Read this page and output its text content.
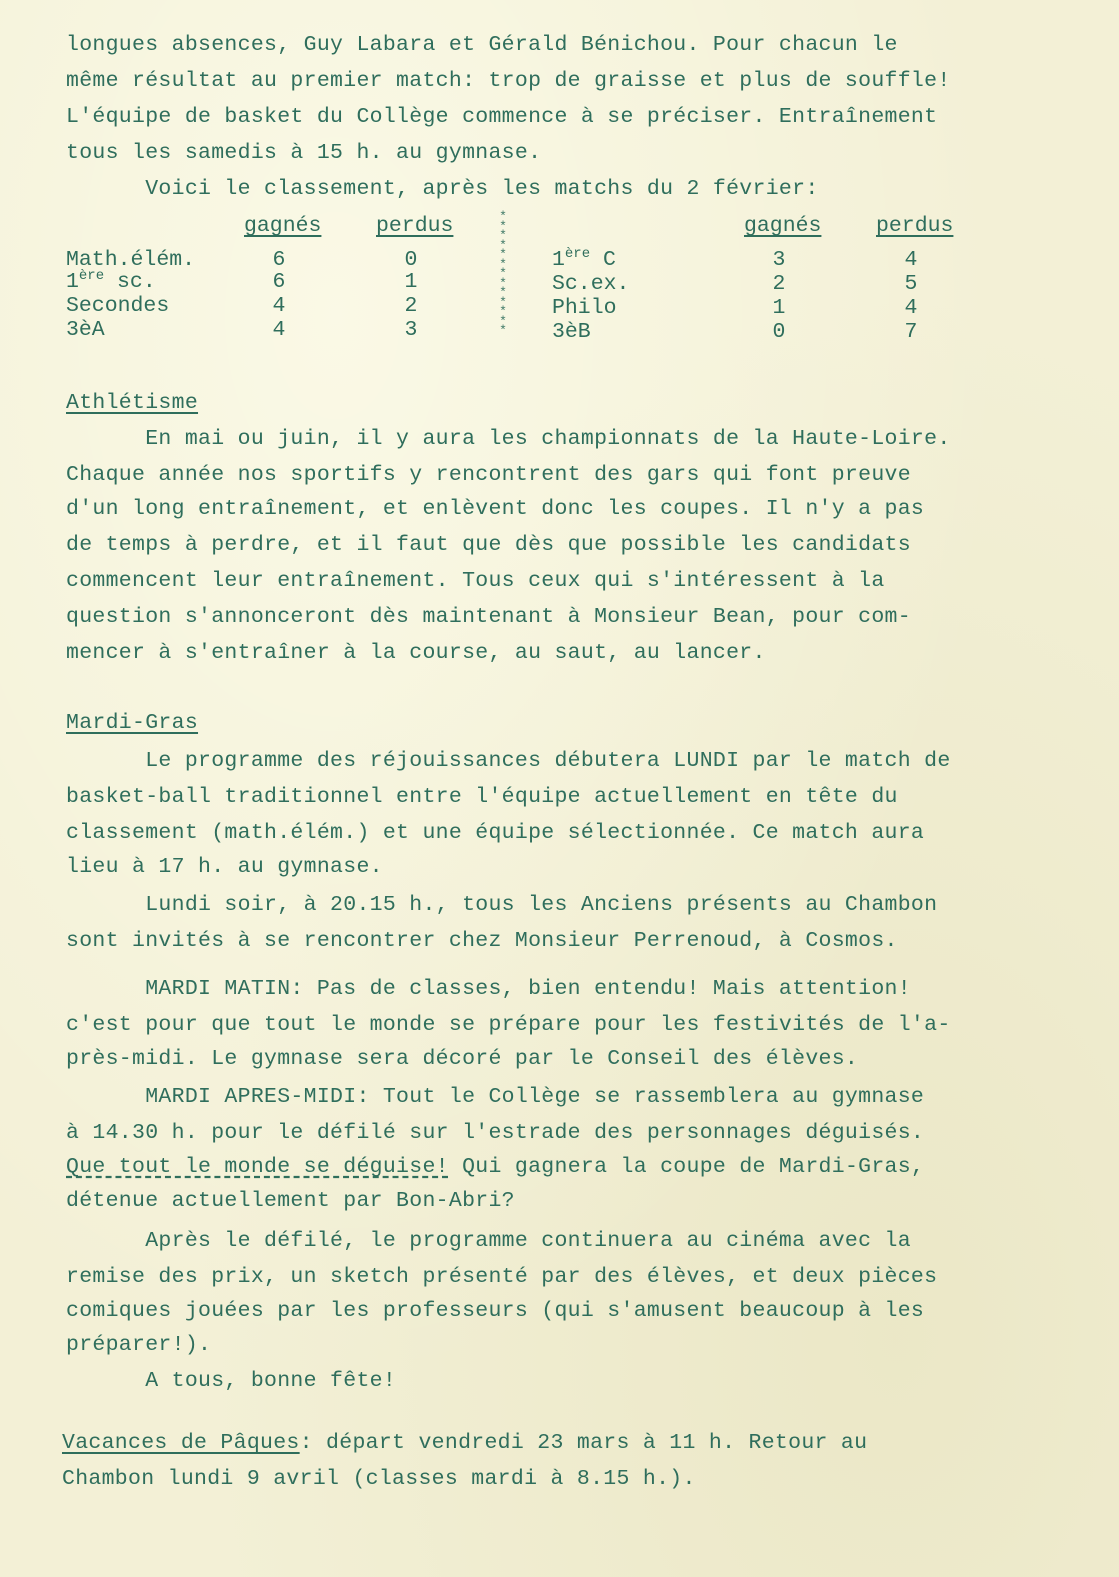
longues absences, Guy Labara et Gérald Bénichou. Pour chacun le
même résultat au premier match: trop de graisse et plus de souffle!
L'équipe de basket du Collège commence à se préciser. Entraînement
tous les samedis à 15 h. au gymnase.
Voici le classement, après les matchs du 2 février:
gagnés	perdus	gagnés	perdus
*
*
*
*
*
*
*
*
*
*
*
*
*
Math.élém.	6	0
1ère sc.	6	1
Secondes	4	2
3èA	4	3
1ère C	3	4
Sc.ex.	2	5
Philo	1	4
3èB	0	7
Athlétisme
En mai ou juin, il y aura les championnats de la Haute-Loire.
Chaque année nos sportifs y rencontrent des gars qui font preuve
d'un long entraînement, et enlèvent donc les coupes. Il n'y a pas
de temps à perdre, et il faut que dès que possible les candidats
commencent leur entraînement. Tous ceux qui s'intéressent à la
question s'annonceront dès maintenant à Monsieur Bean, pour com-
mencer à s'entraîner à la course, au saut, au lancer.
Mardi-Gras
Le programme des réjouissances débutera LUNDI par le match de
basket-ball traditionnel entre l'équipe actuellement en tête du
classement (math.élém.) et une équipe sélectionnée. Ce match aura
lieu à 17 h. au gymnase.
Lundi soir, à 20.15 h., tous les Anciens présents au Chambon
sont invités à se rencontrer chez Monsieur Perrenoud, à Cosmos.
MARDI MATIN: Pas de classes, bien entendu! Mais attention!
c'est pour que tout le monde se prépare pour les festivités de l'a-
près-midi. Le gymnase sera décoré par le Conseil des élèves.
MARDI APRES-MIDI: Tout le Collège se rassemblera au gymnase
à 14.30 h. pour le défilé sur l'estrade des personnages déguisés.
Que tout le monde se déguise! Qui gagnera la coupe de Mardi-Gras,
détenue actuellement par Bon-Abri?
Après le défilé, le programme continuera au cinéma avec la
remise des prix, un sketch présenté par des élèves, et deux pièces
comiques jouées par les professeurs (qui s'amusent beaucoup à les
préparer!).
A tous, bonne fête!
Vacances de Pâques: départ vendredi 23 mars à 11 h. Retour au
Chambon lundi 9 avril (classes mardi à 8.15 h.).
